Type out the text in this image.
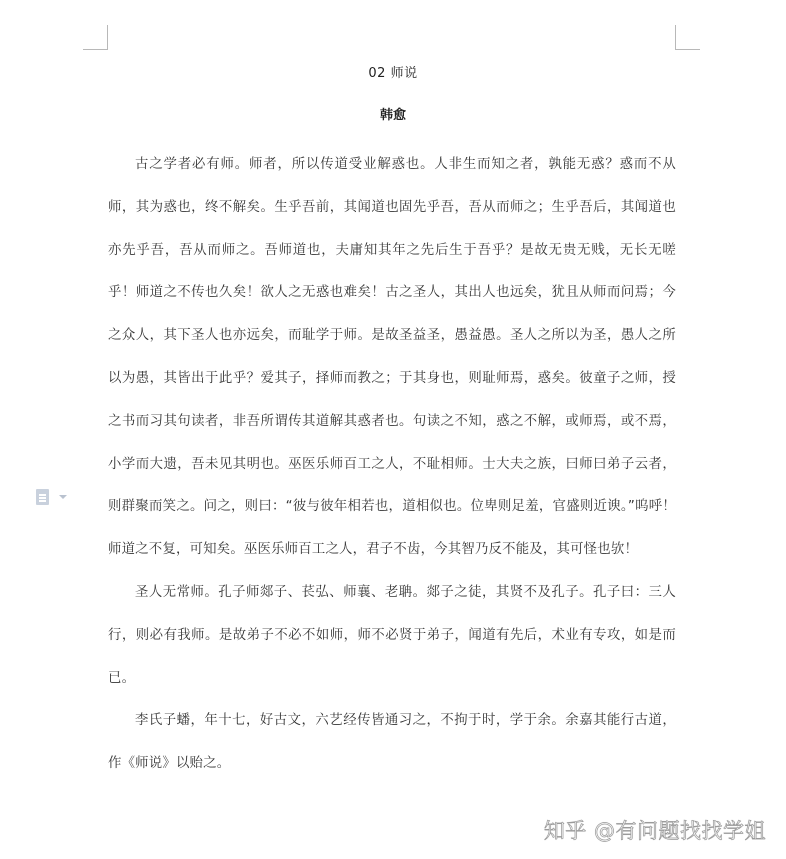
02 师说
韩愈

古之学者必有师。师者，所以传道受业解惑也。人非生而知之者，孰能无惑？惑而不从师，其为惑也，终不解矣。生乎吾前，其闻道也固先乎吾，吾从而师之；生乎吾后，其闻道也亦先乎吾，吾从而师之。吾师道也，夫庸知其年之先后生于吾乎？是故无贵无贱，无长无嗟乎！师道之不传也久矣！欲人之无惑也难矣！古之圣人，其出人也远矣，犹且从师而问焉；今之众人，其下圣人也亦远矣，而耻学于师。是故圣益圣，愚益愚。圣人之所以为圣，愚人之所以为愚，其皆出于此乎？爱其子，择师而教之；于其身也，则耻师焉，惑矣。彼童子之师，授之书而习其句读者，非吾所谓传其道解其惑者也。句读之不知，惑之不解，或师焉，或不焉，小学而大遗，吾未见其明也。巫医乐师百工之人，不耻相师。士大夫之族，曰师曰弟子云者，则群聚而笑之。问之，则曰：“彼与彼年相若也，道相似也。位卑则足羞，官盛则近谀。”呜呼！师道之不复，可知矣。巫医乐师百工之人，君子不齿，今其智乃反不能及，其可怪也欤！

圣人无常师。孔子师郯子、苌弘、师襄、老聃。郯子之徒，其贤不及孔子。孔子曰：三人行，则必有我师。是故弟子不必不如师，师不必贤于弟子，闻道有先后，术业有专攻，如是而已。

李氏子蟠，年十七，好古文，六艺经传皆通习之，不拘于时，学于余。余嘉其能行古道，作《师说》以贻之。

知乎 @有问题找找学姐
